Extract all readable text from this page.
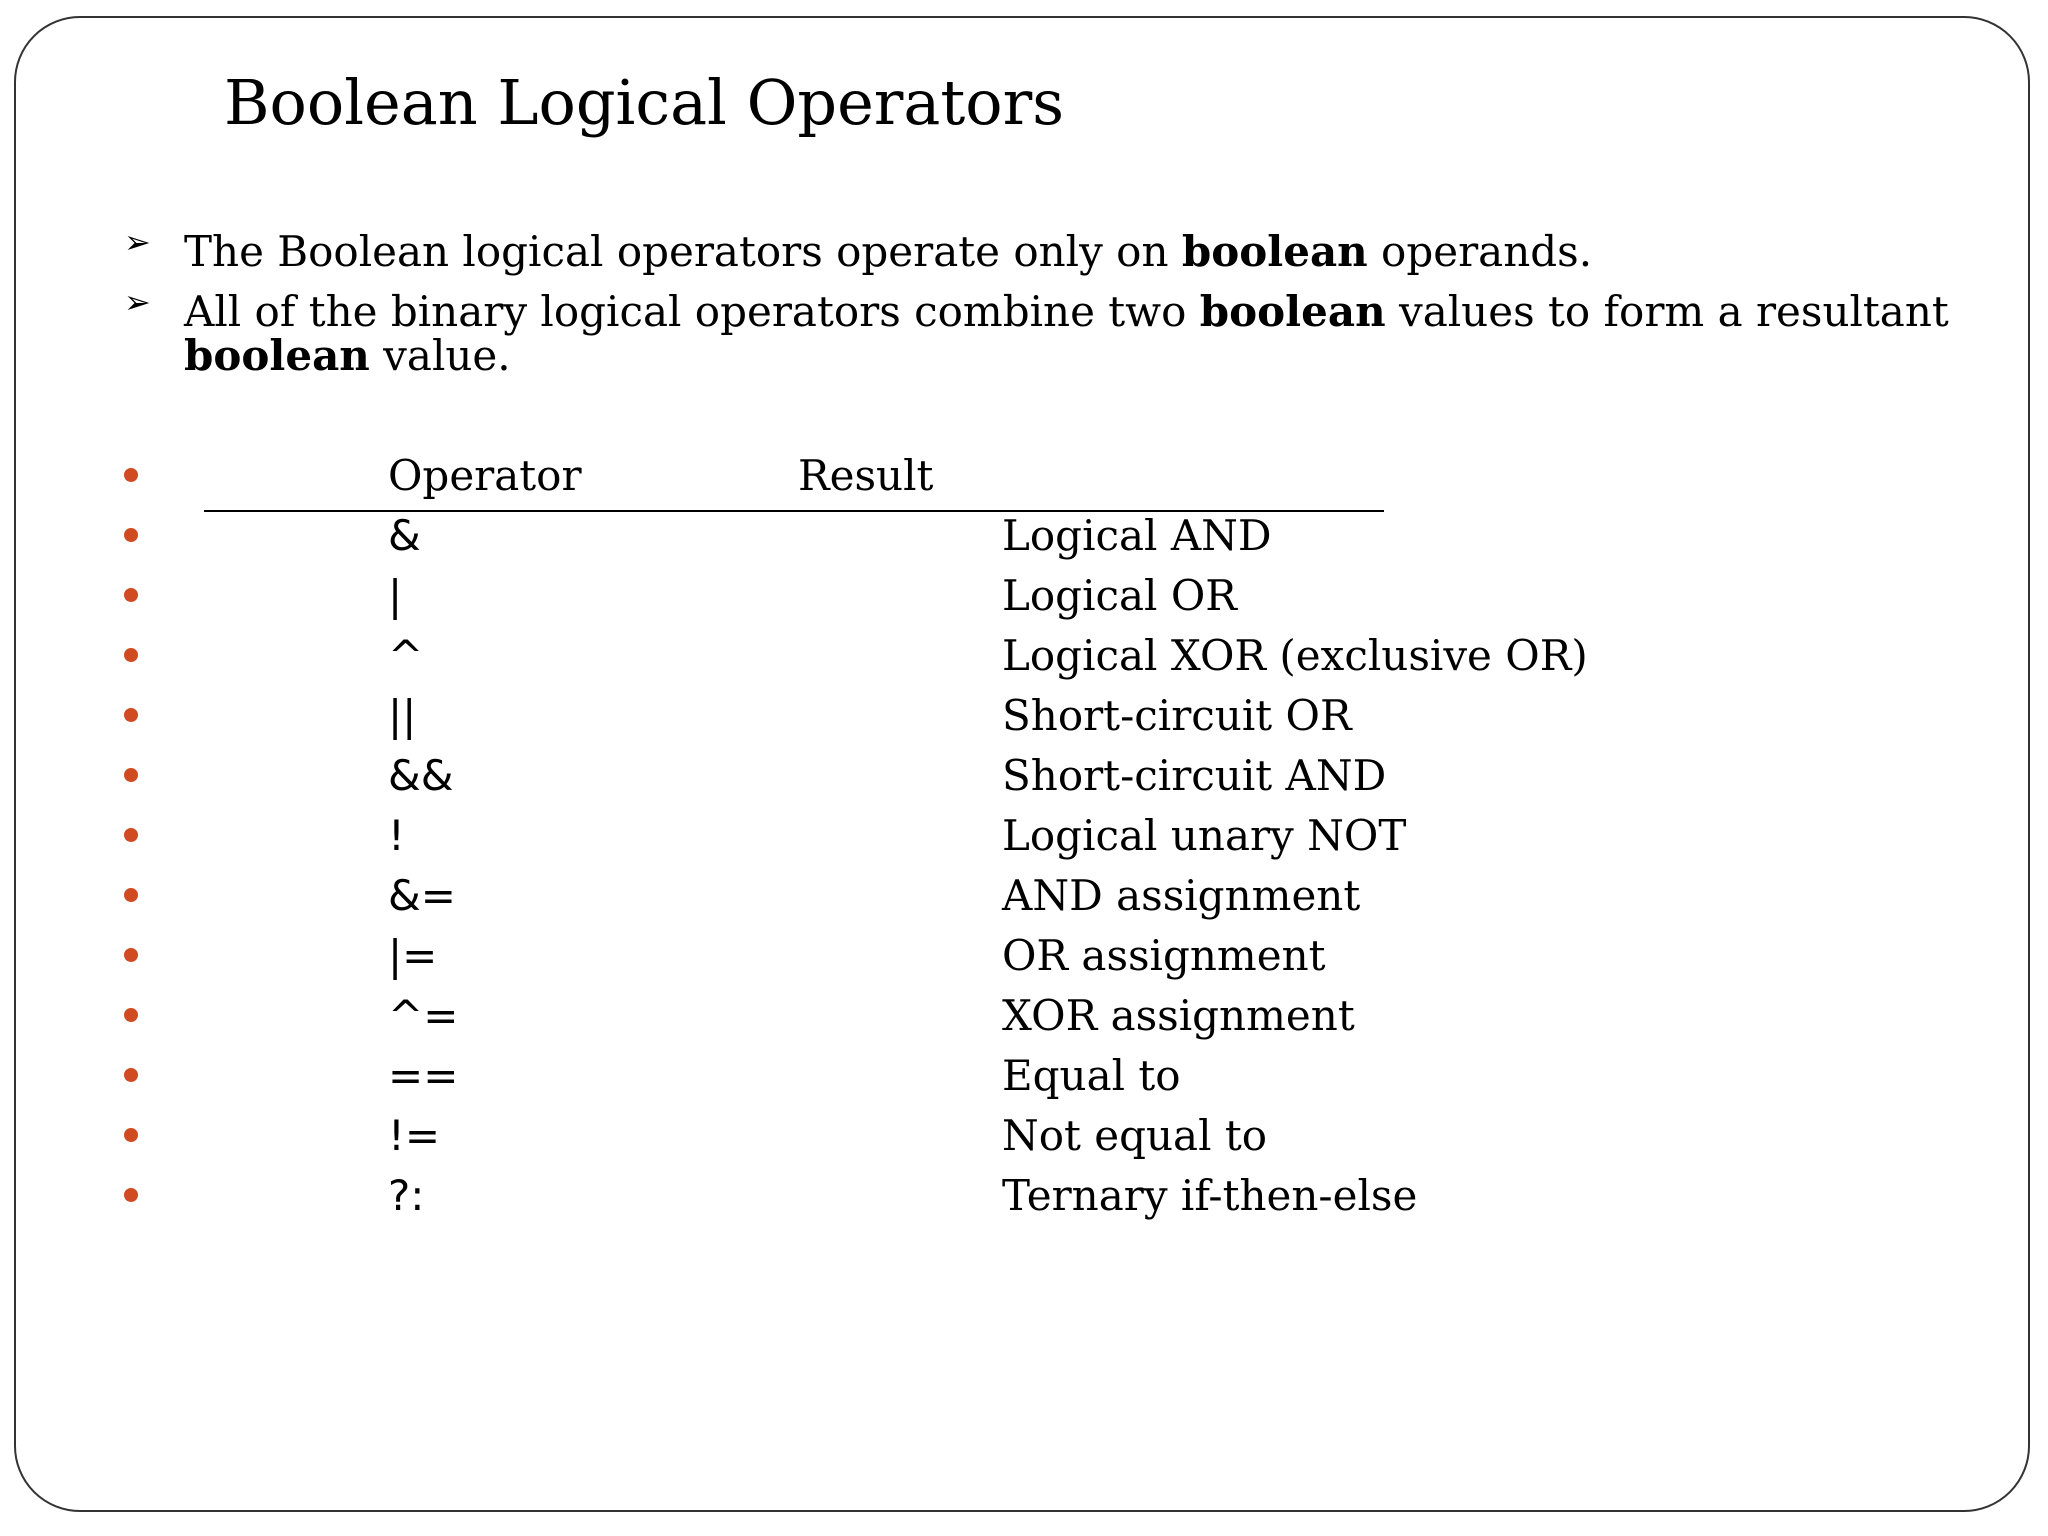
Boolean Logical Operators
➢ The Boolean logical operators operate only on boolean operands.
➢ All of the binary logical operators combine two boolean values to form a resultant
boolean value.
Operator	Result
&	Logical AND
|	Logical OR
^	Logical XOR (exclusive OR)
||	Short-circuit OR
&&	Short-circuit AND
!	Logical unary NOT
&=	AND assignment
|=	OR assignment
^=	XOR assignment
==	Equal to
!=	Not equal to
?:	Ternary if-then-else
